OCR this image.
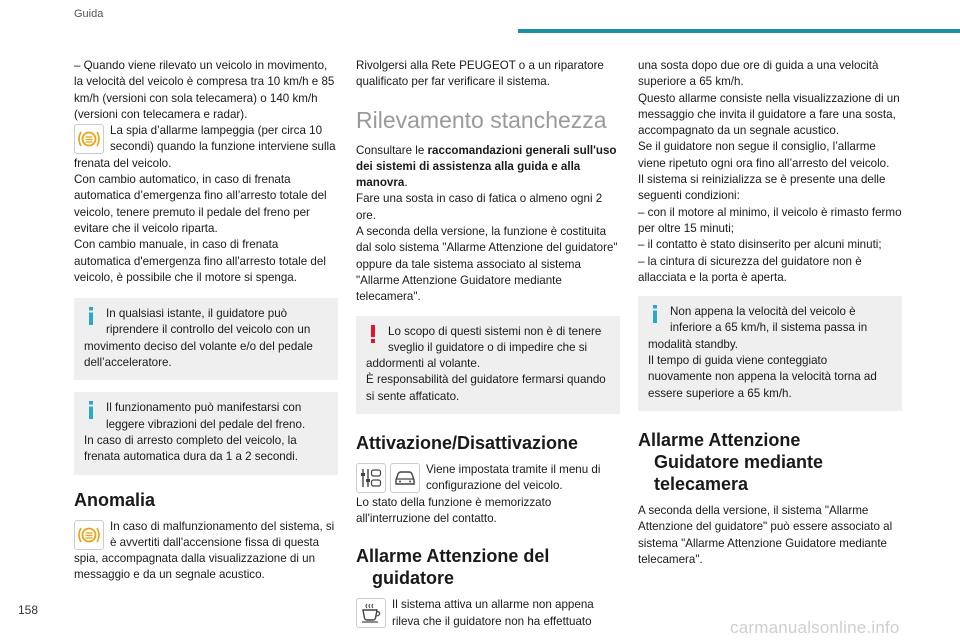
Guida

– Quando viene rilevato un veicolo in movimento, la velocità del veicolo è compresa tra 10 km/h e 85 km/h (versioni con sola telecamera) o 140 km/h (versioni con telecamera e radar).

La spia d’allarme lampeggia (per circa 10 secondi) quando la funzione interviene sulla frenata del veicolo.

Con cambio automatico, in caso di frenata automatica d’emergenza fino all’arresto totale del veicolo, tenere premuto il pedale del freno per evitare che il veicolo riparta.

Con cambio manuale, in caso di frenata automatica d'emergenza fino all'arresto totale del veicolo, è possibile che il motore si spenga.

In qualsiasi istante, il guidatore può riprendere il controllo del veicolo con un movimento deciso del volante e/o del pedale dell’acceleratore.

Il funzionamento può manifestarsi con leggere vibrazioni del pedale del freno.

In caso di arresto completo del veicolo, la frenata automatica dura da 1 a 2 secondi.

Anomalia

In caso di malfunzionamento del sistema, si è avvertiti dall'accensione fissa di questa spia, accompagnata dalla visualizzazione di un messaggio e da un segnale acustico.

Rivolgersi alla Rete PEUGEOT o a un riparatore qualificato per far verificare il sistema.

Rilevamento stanchezza

Consultare le raccomandazioni generali sull'uso dei sistemi di assistenza alla guida e alla manovra.

Fare una sosta in caso di fatica o almeno ogni 2 ore.

A seconda della versione, la funzione è costituita dal solo sistema "Allarme Attenzione del guidatore" oppure da tale sistema associato al sistema "Allarme Attenzione Guidatore mediante telecamera".

Lo scopo di questi sistemi non è di tenere sveglio il guidatore o di impedire che si addormenti al volante.

È responsabilità del guidatore fermarsi quando si sente affaticato.

Attivazione/Disattivazione

Viene impostata tramite il menu di configurazione del veicolo.

Lo stato della funzione è memorizzato all'interruzione del contatto.

Allarme Attenzione del
guidatore

Il sistema attiva un allarme non appena rileva che il guidatore non ha effettuato

una sosta dopo due ore di guida a una velocità superiore a 65 km/h.

Questo allarme consiste nella visualizzazione di un messaggio che invita il guidatore a fare una sosta, accompagnato da un segnale acustico.

Se il guidatore non segue il consiglio, l’allarme viene ripetuto ogni ora fino all’arresto del veicolo.

Il sistema si reinizializza se è presente una delle seguenti condizioni:

– con il motore al minimo, il veicolo è rimasto fermo per oltre 15 minuti;

– il contatto è stato disinserito per alcuni minuti;

– la cintura di sicurezza del guidatore non è allacciata e la porta è aperta.

Non appena la velocità del veicolo è inferiore a 65 km/h, il sistema passa in modalità standby.

Il tempo di guida viene conteggiato nuovamente non appena la velocità torna ad essere superiore a 65 km/h.

Allarme Attenzione
Guidatore mediante
telecamera

A seconda della versione, il sistema "Allarme Attenzione del guidatore" può essere associato al sistema "Allarme Attenzione Guidatore mediante telecamera".

158
carmanualsonline.info
